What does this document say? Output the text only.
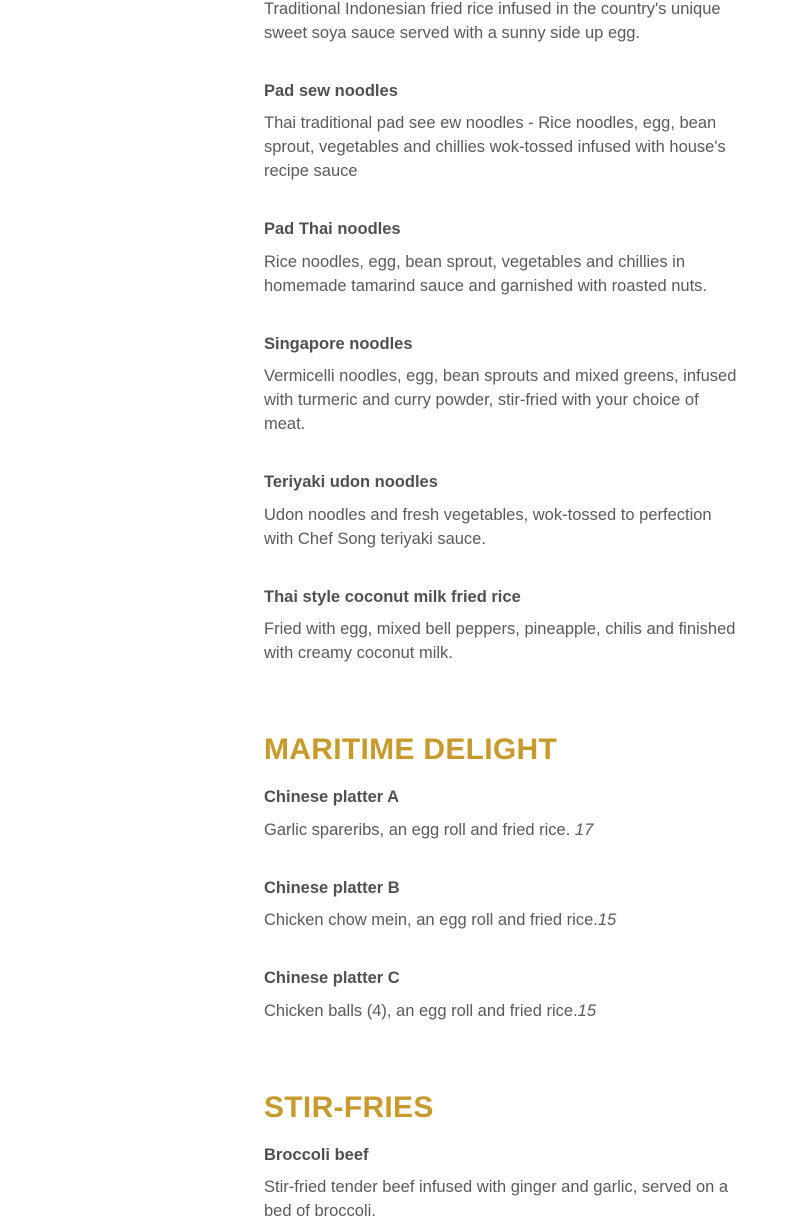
Traditional Indonesian fried rice infused in the country's unique sweet soya sauce served with a sunny side up egg.

Pad sew noodles

Thai traditional pad see ew noodles - Rice noodles, egg, bean sprout, vegetables and chillies wok-tossed infused with house's recipe sauce

Pad Thai noodles

Rice noodles, egg, bean sprout, vegetables and chillies in homemade tamarind sauce and garnished with roasted nuts.

Singapore noodles

Vermicelli noodles, egg, bean sprouts and mixed greens, infused with turmeric and curry powder, stir-fried with your choice of meat.

Teriyaki udon noodles

Udon noodles and fresh vegetables, wok-tossed to perfection with Chef Song teriyaki sauce.

Thai style coconut milk fried rice

Fried with egg, mixed bell peppers, pineapple, chilis and finished with creamy coconut milk.

MARITIME DELIGHT

Chinese platter A

Garlic spareribs, an egg roll and fried rice. 17

Chinese platter B

Chicken chow mein, an egg roll and fried rice.15

Chinese platter C

Chicken balls (4), an egg roll and fried rice.15

STIR-FRIES

Broccoli beef

Stir-fried tender beef infused with ginger and garlic, served on a bed of broccoli.
